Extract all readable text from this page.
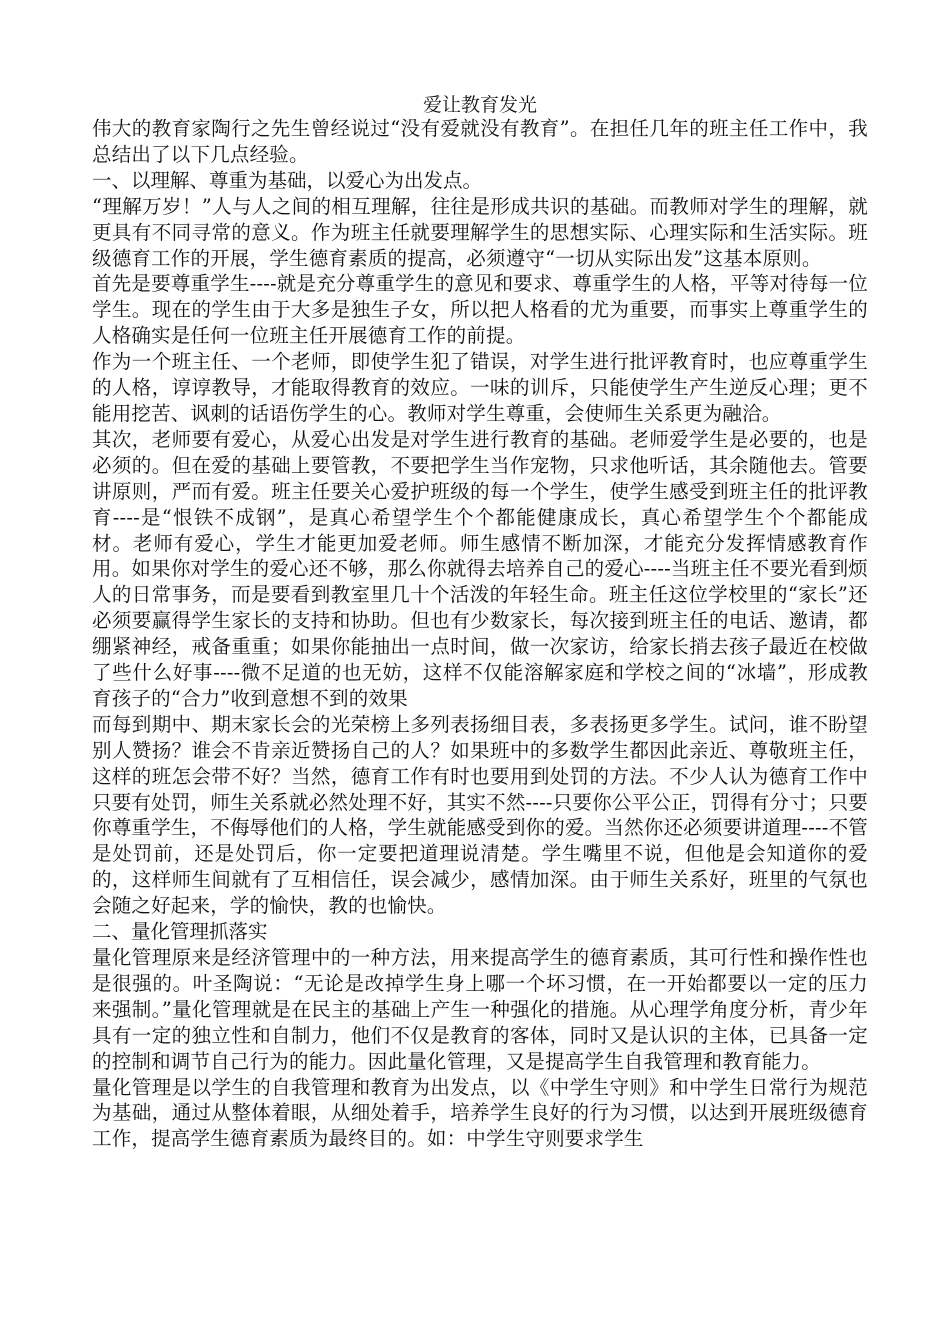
爱让教育发光

伟大的教育家陶行之先生曾经说过“没有爱就没有教育”。在担任几年的班主任工作中，我总结出了以下几点经验。

一、以理解、尊重为基础，以爱心为出发点。

“理解万岁！”人与人之间的相互理解，往往是形成共识的基础。而教师对学生的理解，就更具有不同寻常的意义。作为班主任就要理解学生的思想实际、心理实际和生活实际。班级德育工作的开展，学生德育素质的提高，必须遵守“一切从实际出发”这基本原则。

首先是要尊重学生----就是充分尊重学生的意见和要求、尊重学生的人格，平等对待每一位学生。现在的学生由于大多是独生子女，所以把人格看的尤为重要，而事实上尊重学生的人格确实是任何一位班主任开展德育工作的前提。

作为一个班主任、一个老师，即使学生犯了错误，对学生进行批评教育时，也应尊重学生的人格，谆谆教导，才能取得教育的效应。一味的训斥，只能使学生产生逆反心理；更不能用挖苦、讽刺的话语伤学生的心。教师对学生尊重，会使师生关系更为融洽。

其次，老师要有爱心，从爱心出发是对学生进行教育的基础。老师爱学生是必要的，也是必须的。但在爱的基础上要管教，不要把学生当作宠物，只求他听话，其余随他去。管要讲原则，严而有爱。班主任要关心爱护班级的每一个学生，使学生感受到班主任的批评教育----是“恨铁不成钢”，是真心希望学生个个都能健康成长，真心希望学生个个都能成材。老师有爱心，学生才能更加爱老师。师生感情不断加深，才能充分发挥情感教育作用。如果你对学生的爱心还不够，那么你就得去培养自己的爱心----当班主任不要光看到烦人的日常事务，而是要看到教室里几十个活泼的年轻生命。班主任这位学校里的“家长”还必须要赢得学生家长的支持和协助。但也有少数家长，每次接到班主任的电话、邀请，都绷紧神经，戒备重重；如果你能抽出一点时间，做一次家访，给家长捎去孩子最近在校做了些什么好事----微不足道的也无妨，这样不仅能溶解家庭和学校之间的“冰墙”，形成教育孩子的“合力”收到意想不到的效果

而每到期中、期末家长会的光荣榜上多列表扬细目表，多表扬更多学生。试问，谁不盼望别人赞扬？谁会不肯亲近赞扬自己的人？如果班中的多数学生都因此亲近、尊敬班主任，这样的班怎会带不好？当然，德育工作有时也要用到处罚的方法。不少人认为德育工作中只要有处罚，师生关系就必然处理不好，其实不然----只要你公平公正，罚得有分寸；只要你尊重学生，不侮辱他们的人格，学生就能感受到你的爱。当然你还必须要讲道理----不管是处罚前，还是处罚后，你一定要把道理说清楚。学生嘴里不说，但他是会知道你的爱的，这样师生间就有了互相信任，误会减少，感情加深。由于师生关系好，班里的气氛也会随之好起来，学的愉快，教的也愉快。

二、量化管理抓落实

量化管理原来是经济管理中的一种方法，用来提高学生的德育素质，其可行性和操作性也是很强的。叶圣陶说：“无论是改掉学生身上哪一个坏习惯，在一开始都要以一定的压力来强制。”量化管理就是在民主的基础上产生一种强化的措施。从心理学角度分析，青少年具有一定的独立性和自制力，他们不仅是教育的客体，同时又是认识的主体，已具备一定的控制和调节自己行为的能力。因此量化管理，又是提高学生自我管理和教育能力。

量化管理是以学生的自我管理和教育为出发点，以《中学生守则》和中学生日常行为规范为基础，通过从整体着眼，从细处着手，培养学生良好的行为习惯，以达到开展班级德育工作，提高学生德育素质为最终目的。如：中学生守则要求学生
